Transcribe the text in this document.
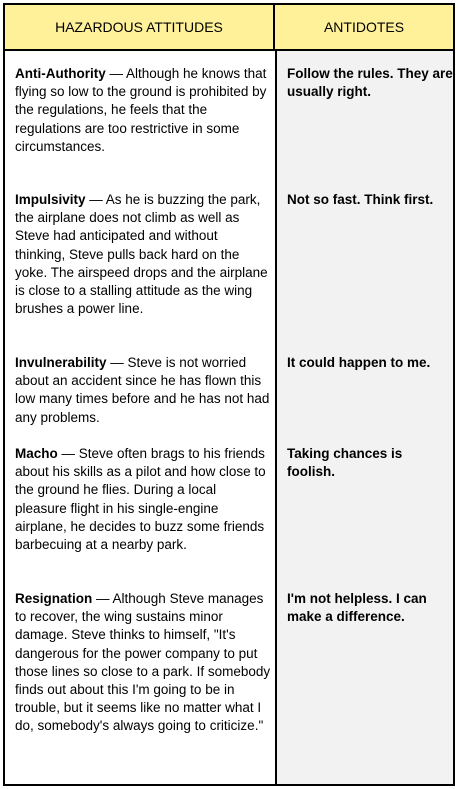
HAZARDOUS ATTITUDES	ANTIDOTES
Anti-Authority — Although he knows that flying so low to the ground is prohibited by the regulations, he feels that the regulations are too restrictive in some circumstances.
Follow the rules. They are usually right.
Impulsivity — As he is buzzing the park, the airplane does not climb as well as Steve had anticipated and without thinking, Steve pulls back hard on the yoke. The airspeed drops and the airplane is close to a stalling attitude as the wing brushes a power line.
Not so fast. Think first.
Invulnerability — Steve is not worried about an accident since he has flown this low many times before and he has not had any problems.
It could happen to me.
Macho — Steve often brags to his friends about his skills as a pilot and how close to the ground he flies. During a local pleasure flight in his single-engine airplane, he decides to buzz some friends barbecuing at a nearby park.
Taking chances is foolish.
Resignation — Although Steve manages to recover, the wing sustains minor damage. Steve thinks to himself, "It's dangerous for the power company to put those lines so close to a park. If somebody finds out about this I'm going to be in trouble, but it seems like no matter what I do, somebody's always going to criticize."
I'm not helpless. I can make a difference.
